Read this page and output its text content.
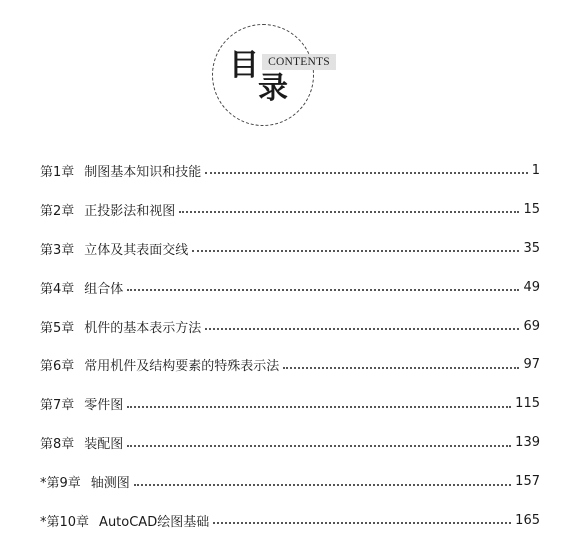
目
录
CONTENTS
第1章 制图基本知识和技能	1
第2章 正投影法和视图	15
第3章 立体及其表面交线	35
第4章 组合体	49
第5章 机件的基本表示方法	69
第6章 常用机件及结构要素的特殊表示法	97
第7章 零件图	115
第8章 装配图	139
*第9章 轴测图	157
*第10章 AutoCAD绘图基础	165
